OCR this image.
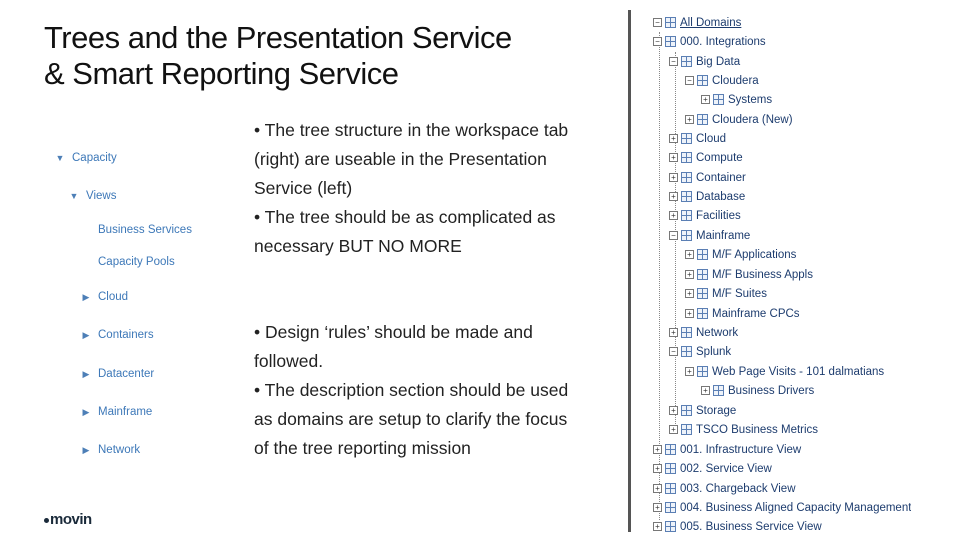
Trees and the Presentation Service
& Smart Reporting Service
▼ Capacity
▼ Views
Business Services
Capacity Pools
▶ Cloud
▶ Containers
▶ Datacenter
▶ Mainframe
▶ Network

• The tree structure in the workspace tab (right) are useable in the Presentation Service (left)

• The tree should be as complicated as necessary BUT NO MORE

• Design ‘rules’ should be made and followed.

• The description section should be used as domains are setup to clarify the focus of the tree reporting mission

movin
− All Domains
− 000. Integrations
− Big Data
− Cloudera
+ Systems
+ Cloudera (New)
+ Cloud
+ Compute
+ Container
+ Database
+ Facilities
− Mainframe
+ M/F Applications
+ M/F Business Appls
+ M/F Suites
+ Mainframe CPCs
+ Network
− Splunk
+ Web Page Visits - 101 dalmatians
+ Business Drivers
+ Storage
+ TSCO Business Metrics
+ 001. Infrastructure View
+ 002. Service View
+ 003. Chargeback View
+ 004. Business Aligned Capacity Management
+ 005. Business Service View
